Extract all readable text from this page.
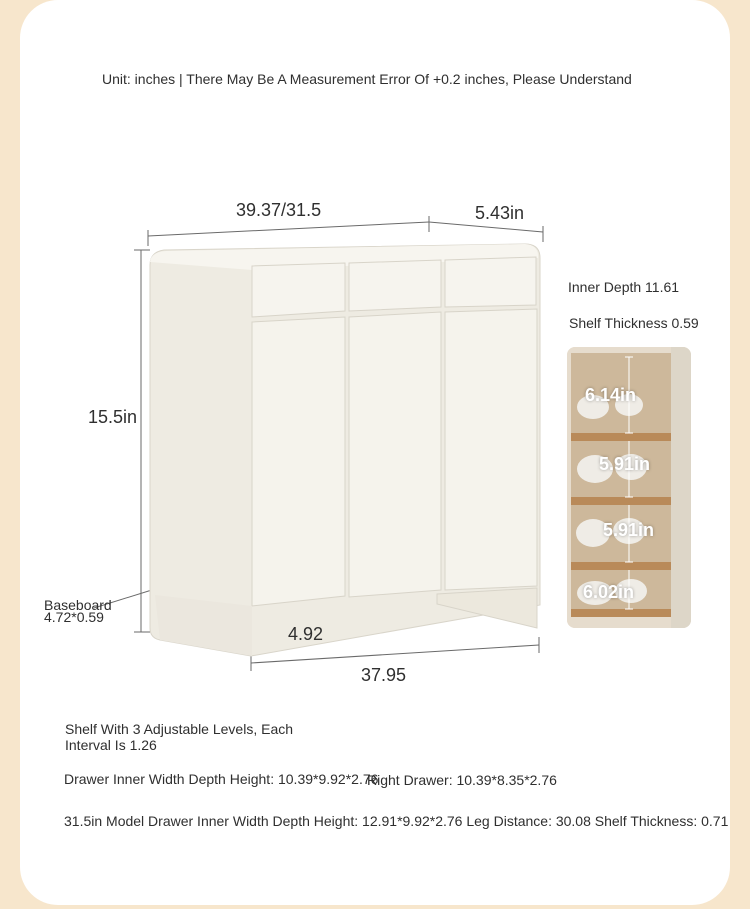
Unit: inches | There May Be A Measurement Error Of +0.2 inches, Please Understand
39.37/31.5	5.43in
15.5in
Baseboard
4.72*0.59
4.92
37.95
Inner Depth 11.61
Shelf Thickness 0.59
6.14in
5.91in
5.91in
6.02in
Shelf With 3 Adjustable Levels, Each
Interval Is 1.26
Drawer Inner Width Depth Height: 10.39*9.92*2.76
Right Drawer: 10.39*8.35*2.76
31.5in Model Drawer Inner Width Depth Height: 12.91*9.92*2.76 Leg Distance: 30.08 Shelf Thickness: 0.71
